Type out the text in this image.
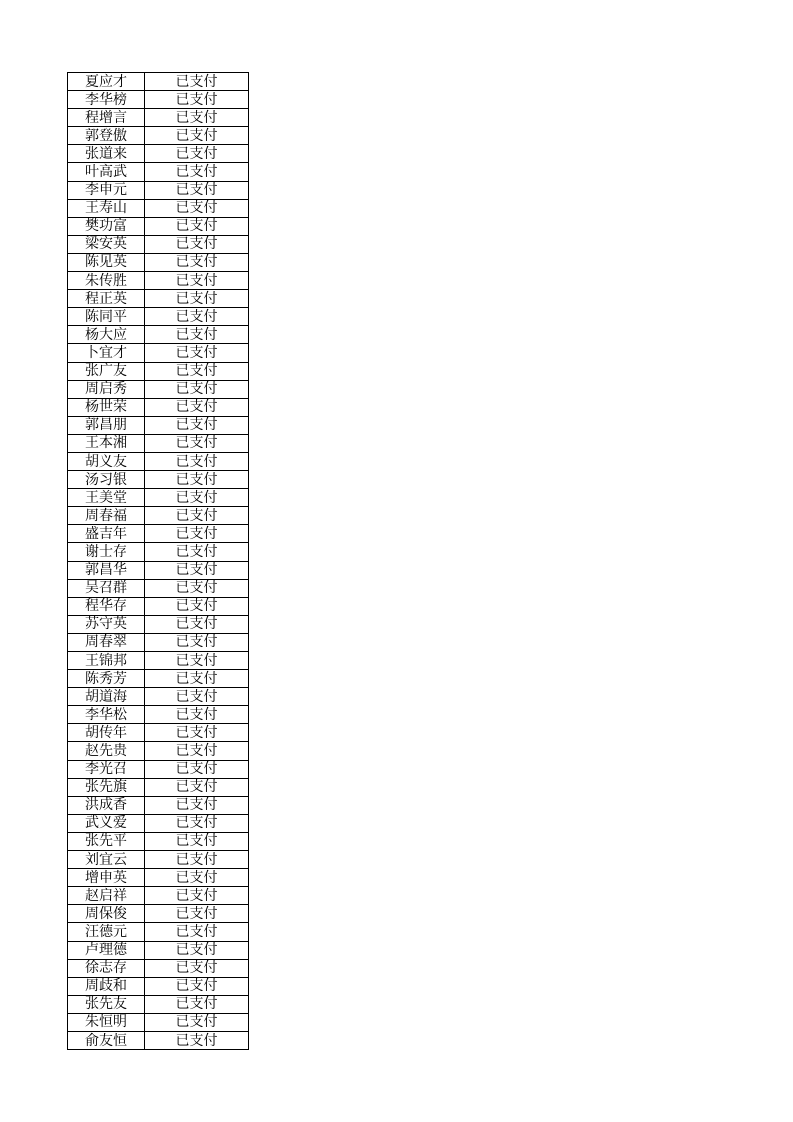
夏应才	已支付
李华榜	已支付
程增言	已支付
郭登傲	已支付
张道来	已支付
叶高武	已支付
李申元	已支付
王寿山	已支付
樊功富	已支付
梁安英	已支付
陈见英	已支付
朱传胜	已支付
程正英	已支付
陈同平	已支付
杨大应	已支付
卜宜才	已支付
张广友	已支付
周启秀	已支付
杨世荣	已支付
郭昌朋	已支付
王本湘	已支付
胡义友	已支付
汤习银	已支付
王美堂	已支付
周春福	已支付
盛吉年	已支付
谢士存	已支付
郭昌华	已支付
吴召群	已支付
程华存	已支付
苏守英	已支付
周春翠	已支付
王锦邦	已支付
陈秀芳	已支付
胡道海	已支付
李华松	已支付
胡传年	已支付
赵先贵	已支付
李光召	已支付
张先旗	已支付
洪成香	已支付
武义爱	已支付
张先平	已支付
刘宜云	已支付
增申英	已支付
赵启祥	已支付
周保俊	已支付
汪德元	已支付
卢理德	已支付
徐志存	已支付
周歧和	已支付
张先友	已支付
朱恒明	已支付
俞友恒	已支付
